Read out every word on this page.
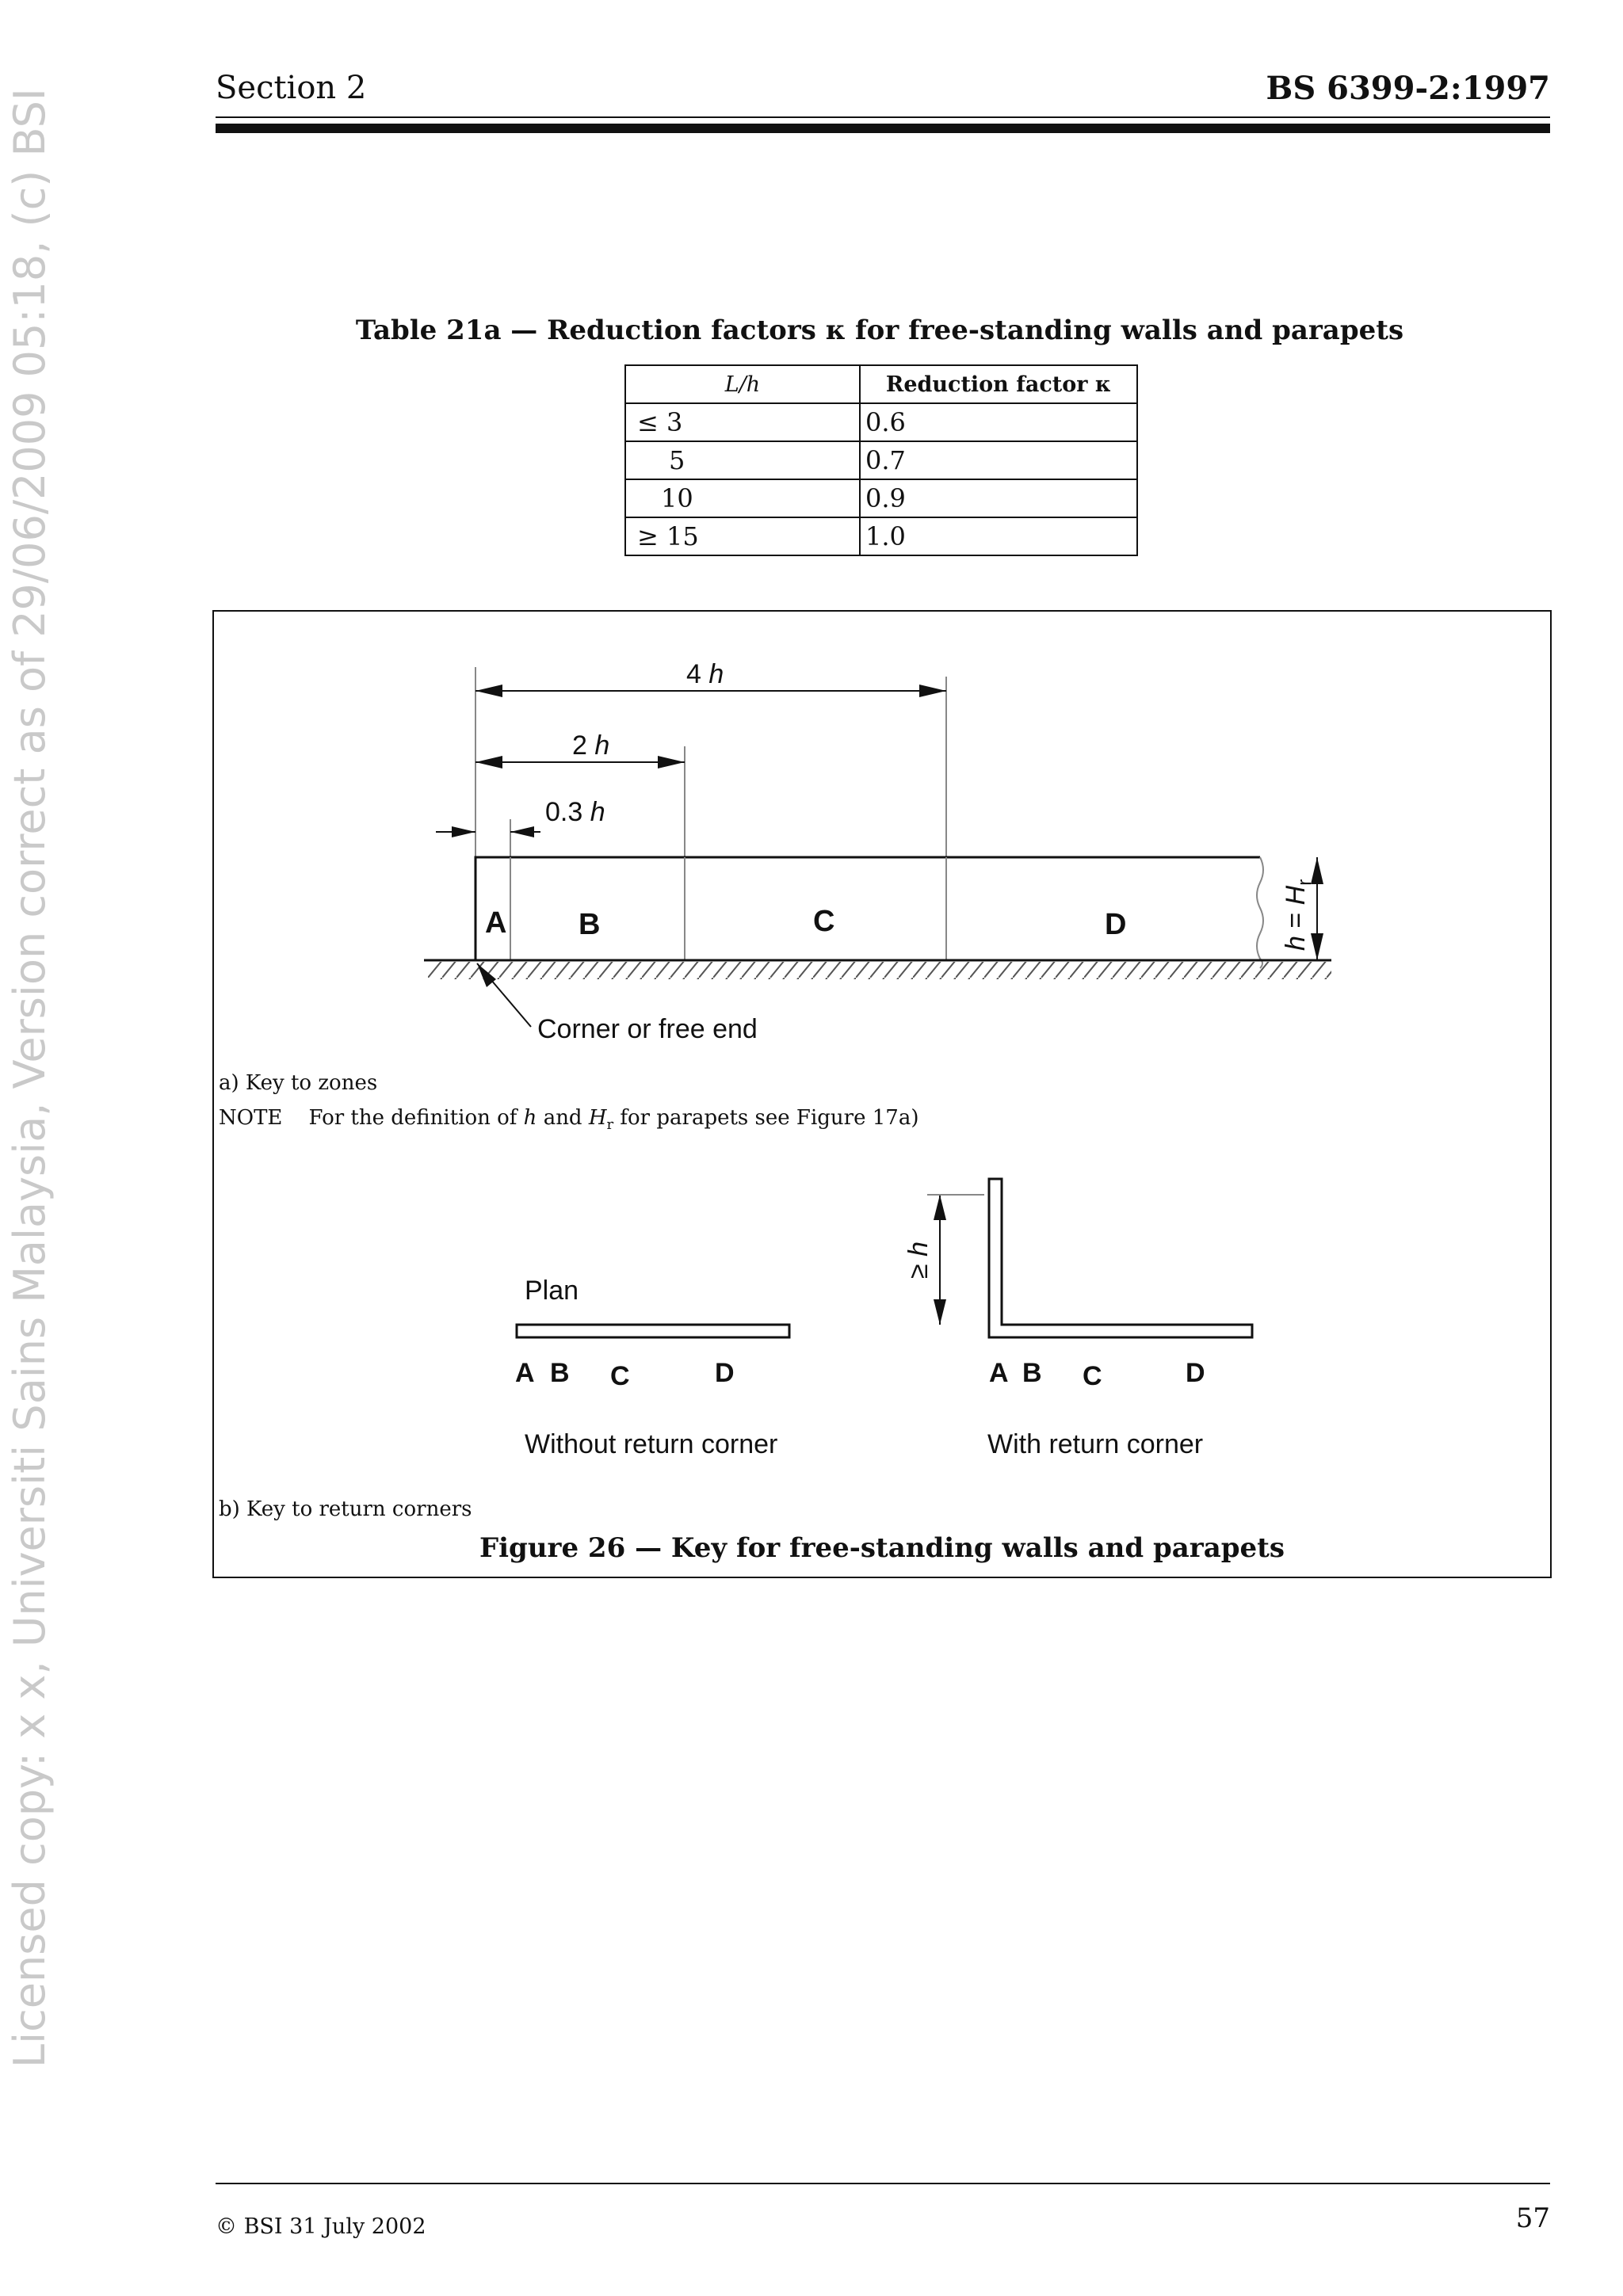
Licensed copy: x x, Universiti Sains Malaysia, Version correct as of 29/06/2009 05:18, (c) BSI
Section 2	BS 6399-2:1997
Table 21a — Reduction factors κ for free-standing walls and parapets
L/h	Reduction factor κ
≤ 3	0.6
5	0.7
10	0.9
≥ 15	1.0
4 h
2 h
0.3 h
A B	C	D
$h = H_r$
Corner or free end
Plan
A B C	D
Without return corner
≥ h
A B C	D
With return corner
a) Key to zones
NOTE For the definition of h and $H_r$ for parapets see Figure 17a)
b) Key to return corners
Figure 26 — Key for free-standing walls and parapets
© BSI 31 July 2002	57
